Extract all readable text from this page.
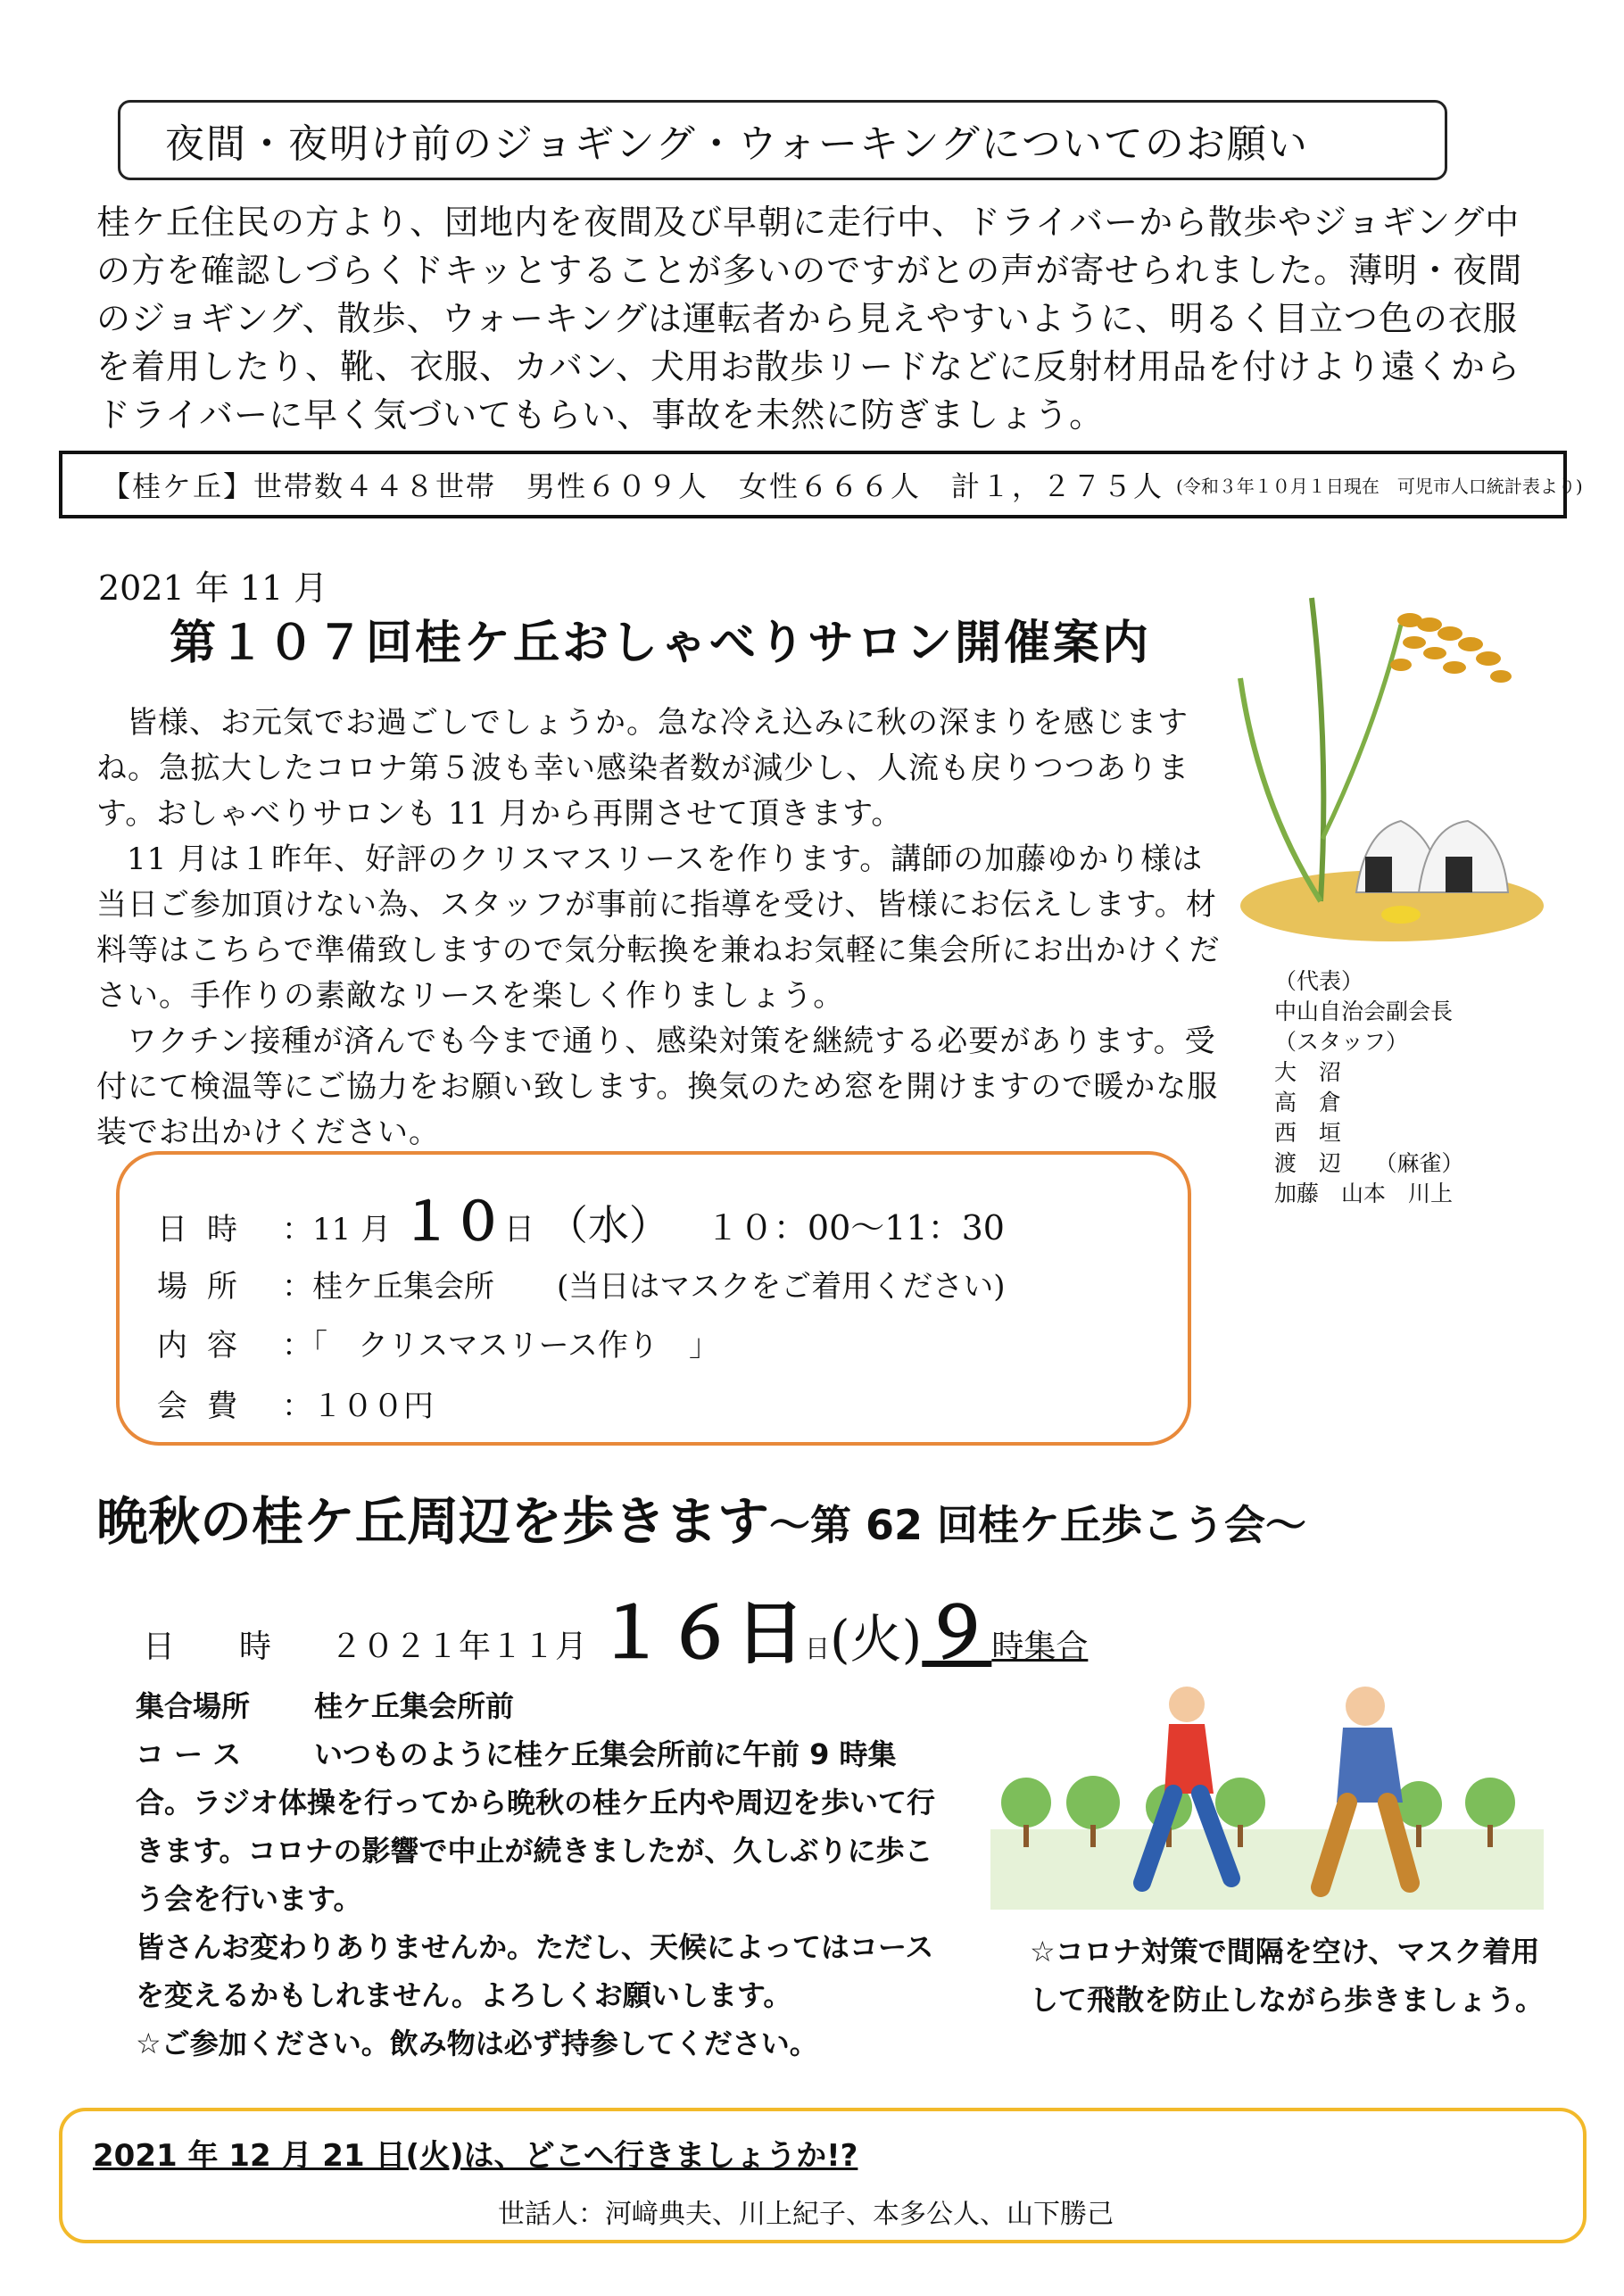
夜間・夜明け前のジョギング・ウォーキングについてのお願い
桂ケ丘住民の方より、団地内を夜間及び早朝に走行中、ドライバーから散歩やジョギング中の方を確認しづらくドキッとすることが多いのですがとの声が寄せられました。薄明・夜間のジョギング、散歩、ウォーキングは運転者から見えやすいように、明るく目立つ色の衣服を着用したり、靴、衣服、カバン、犬用お散歩リードなどに反射材用品を付けより遠くからドライバーに早く気づいてもらい、事故を未然に防ぎましょう。
【桂ケ丘】世帯数４４８世帯　男性６０９人　女性６６６人　計１，２７５人 (令和３年１０月１日現在　可児市人口統計表より)
2021 年 11 月
第１０７回桂ケ丘おしゃべりサロン開催案内
皆様、お元気でお過ごしでしょうか。急な冷え込みに秋の深まりを感じますね。急拡大したコロナ第５波も幸い感染者数が減少し、人流も戻りつつあります。おしゃべりサロンも 11 月から再開させて頂きます。
11 月は１昨年、好評のクリスマスリースを作ります。講師の加藤ゆかり様は当日ご参加頂けない為、スタッフが事前に指導を受け、皆様にお伝えします。材料等はこちらで準備致しますので気分転換を兼ねお気軽に集会所にお出かけください。手作りの素敵なリースを楽しく作りましょう。
ワクチン接種が済んでも今まで通り、感染対策を継続する必要があります。受付にて検温等にご協力をお願い致します。換気のため窓を開けますので暖かな服装でお出かけください。
（代表）
中山自治会副会長
（スタッフ）
大　沼
高　倉
西　垣
渡　辺　　（麻雀）
加藤　山本　川上
日時 ：11 月 １０日 （水） １０：00〜11：30
場所 ：桂ケ丘集会所 (当日はマスクをご着用ください)
内容 ：「　クリスマスリース作り　」
会費 ：１００円
晩秋の桂ケ丘周辺を歩きます〜第 62 回桂ケ丘歩こう会〜
日　　時 ２０２１年１１月 １６日日(火)９時集合
集合場所 桂ケ丘集会所前
コ ー ス	いつものように桂ケ丘集会所前に午前 9 時集合。ラジオ体操を行ってから晩秋の桂ケ丘内や周辺を歩いて行きます。コロナの影響で中止が続きましたが、久しぶりに歩こう会を行います。
皆さんお変わりありませんか。ただし、天候によってはコースを変えるかもしれません。よろしくお願いします。
☆ご参加ください。飲み物は必ず持参してください。
☆コロナ対策で間隔を空け、マスク着用して飛散を防止しながら歩きましょう。
2021 年 12 月 21 日(火)は、どこへ行きましょうか!?
世話人：河﨑典夫、川上紀子、本多公人、山下勝己
